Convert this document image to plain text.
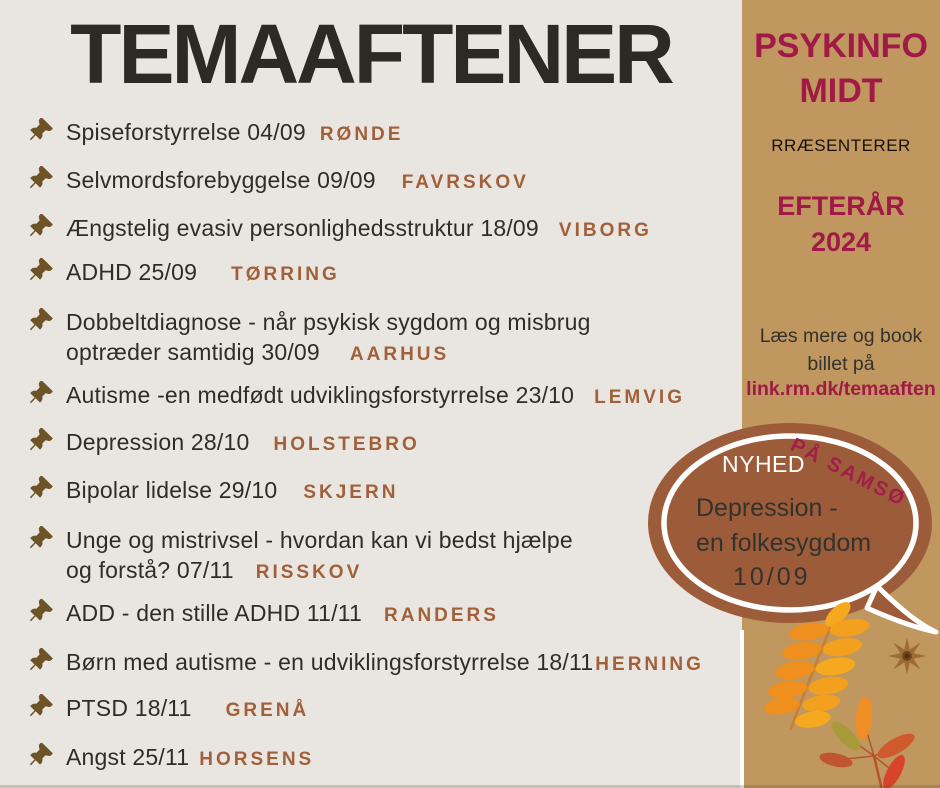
TEMAAFTENER
Spiseforstyrrelse 04/09 RØNDE
Selvmordsforebyggelse 09/09 FAVRSKOV
Ængstelig evasiv personlighedsstruktur 18/09 VIBORG
ADHD 25/09 TØRRING
Dobbeltdiagnose - når psykisk sygdom og misbrug
optræder samtidig 30/09 AARHUS
Autisme -en medfødt udviklingsforstyrrelse 23/10 LEMVIG
Depression 28/10 HOLSTEBRO
Bipolar lidelse 29/10 SKJERN
Unge og mistrivsel - hvordan kan vi bedst hjælpe
og forstå? 07/11 RISSKOV
ADD - den stille ADHD 11/11 RANDERS
Børn med autisme - en udviklingsforstyrrelse 18/11 HERNING
PTSD 18/11 GRENÅ
Angst 25/11 HORSENS
PSYKINFO
MIDT
RRÆSENTERER
EFTERÅR
2024
Læs mere og book
billet på
link.rm.dk/temaaften
NYHED
Depression -
en folkesygdom
10/09
PÅ SAMSØ
